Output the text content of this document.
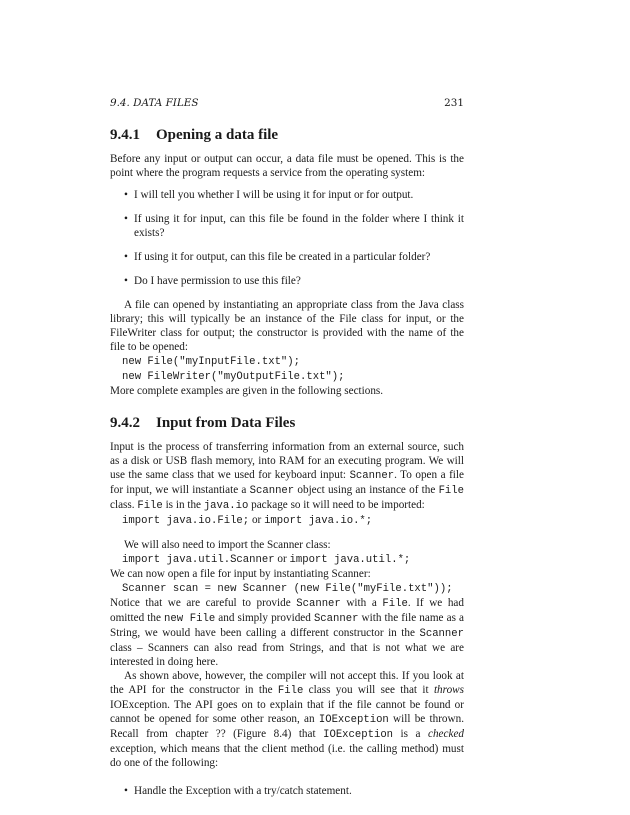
9.4. DATA FILES	231
9.4.1 Opening a data file

Before any input or output can occur, a data file must be opened. This is the point where the program requests a service from the operating system:

• I will tell you whether I will be using it for input or for output.
• If using it for input, can this file be found in the folder where I think it exists?
• If using it for output, can this file be created in a particular folder?
• Do I have permission to use this file?

A file can opened by instantiating an appropriate class from the Java class library; this will typically be an instance of the File class for input, or the FileWriter class for output; the constructor is provided with the name of the file to be opened:

new File("myInputFile.txt");
new FileWriter("myOutputFile.txt");

More complete examples are given in the following sections.

9.4.2 Input from Data Files

Input is the process of transferring information from an external source, such as a disk or USB flash memory, into RAM for an executing program. We will use the same class that we used for keyboard input: Scanner. To open a file for input, we will instantiate a Scanner object using an instance of the File class. File is in the java.io package so it will need to be imported:

import java.io.File; or import java.io.*;

We will also need to import the Scanner class:

import java.util.Scanner or import java.util.*;

We can now open a file for input by instantiating Scanner:

Scanner scan = new Scanner (new File("myFile.txt"));

Notice that we are careful to provide Scanner with a File. If we had omitted the new File and simply provided Scanner with the file name as a String, we would have been calling a different constructor in the Scanner class – Scanners can also read from Strings, and that is not what we are interested in doing here.

As shown above, however, the compiler will not accept this. If you look at the API for the constructor in the File class you will see that it throws IOException. The API goes on to explain that if the file cannot be found or cannot be opened for some other reason, an IOException will be thrown. Recall from chapter ?? (Figure 8.4) that IOException is a checked exception, which means that the client method (i.e. the calling method) must do one of the following:

• Handle the Exception with a try/catch statement.
